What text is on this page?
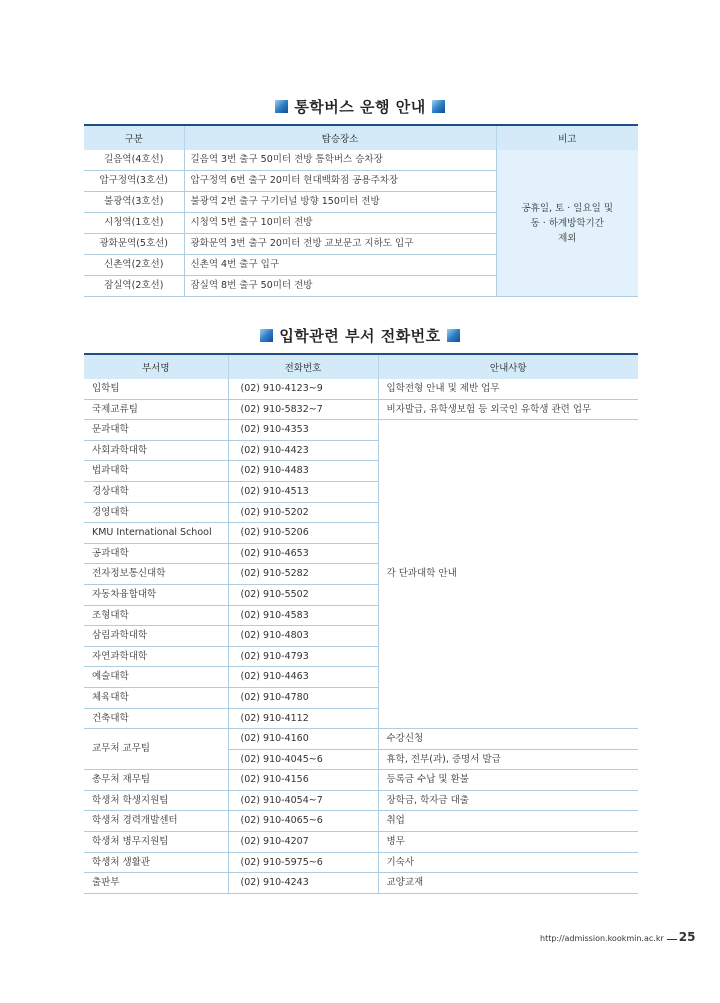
통학버스 운행 안내
구분	탑승장소	비고
길음역(4호선)	길음역 3번 출구 50미터 전방 통학버스 승차장	공휴일, 토 · 일요일 및
동 · 하계방학기간
제외
압구정역(3호선)	압구정역 6번 출구 20미터 현대백화점 공용주차장	
불광역(3호선)	불광역 2번 출구 구기터널 방향 150미터 전방	
시청역(1호선)	시청역 5번 출구 10미터 전방	
광화문역(5호선)	광화문역 3번 출구 20미터 전방 교보문고 지하도 입구	
신촌역(2호선)	신촌역 4번 출구 입구	
잠실역(2호선)	잠실역 8번 출구 50미터 전방	
입학관련 부서 전화번호
부서명	전화번호	안내사항
입학팀	(02) 910-4123~9	입학전형 안내 및 제반 업무
국제교류팀	(02) 910-5832~7	비자발급, 유학생보험 등 외국인 유학생 관련 업무
문과대학	(02) 910-4353	각 단과대학 안내
사회과학대학	(02) 910-4423	
법과대학	(02) 910-4483	
경상대학	(02) 910-4513	
경영대학	(02) 910-5202	
KMU International School	(02) 910-5206	
공과대학	(02) 910-4653	
전자정보통신대학	(02) 910-5282	
자동차융합대학	(02) 910-5502	
조형대학	(02) 910-4583	
삼림과학대학	(02) 910-4803	
자연과학대학	(02) 910-4793	
예술대학	(02) 910-4463	
체육대학	(02) 910-4780	
건축대학	(02) 910-4112	
교무처 교무팀	(02) 910-4160	수강신청
	(02) 910-4045~6	휴학, 전부(과), 증명서 발급
총무처 재무팀	(02) 910-4156	등록금 수납 및 환불
학생처 학생지원팀	(02) 910-4054~7	장학금, 학자금 대출
학생처 경력개발센터	(02) 910-4065~6	취업
학생처 병무지원팀	(02) 910-4207	병무
학생처 생활관	(02) 910-5975~6	기숙사
출판부	(02) 910-4243	교양교재
http://admission.kookmin.ac.kr 25
